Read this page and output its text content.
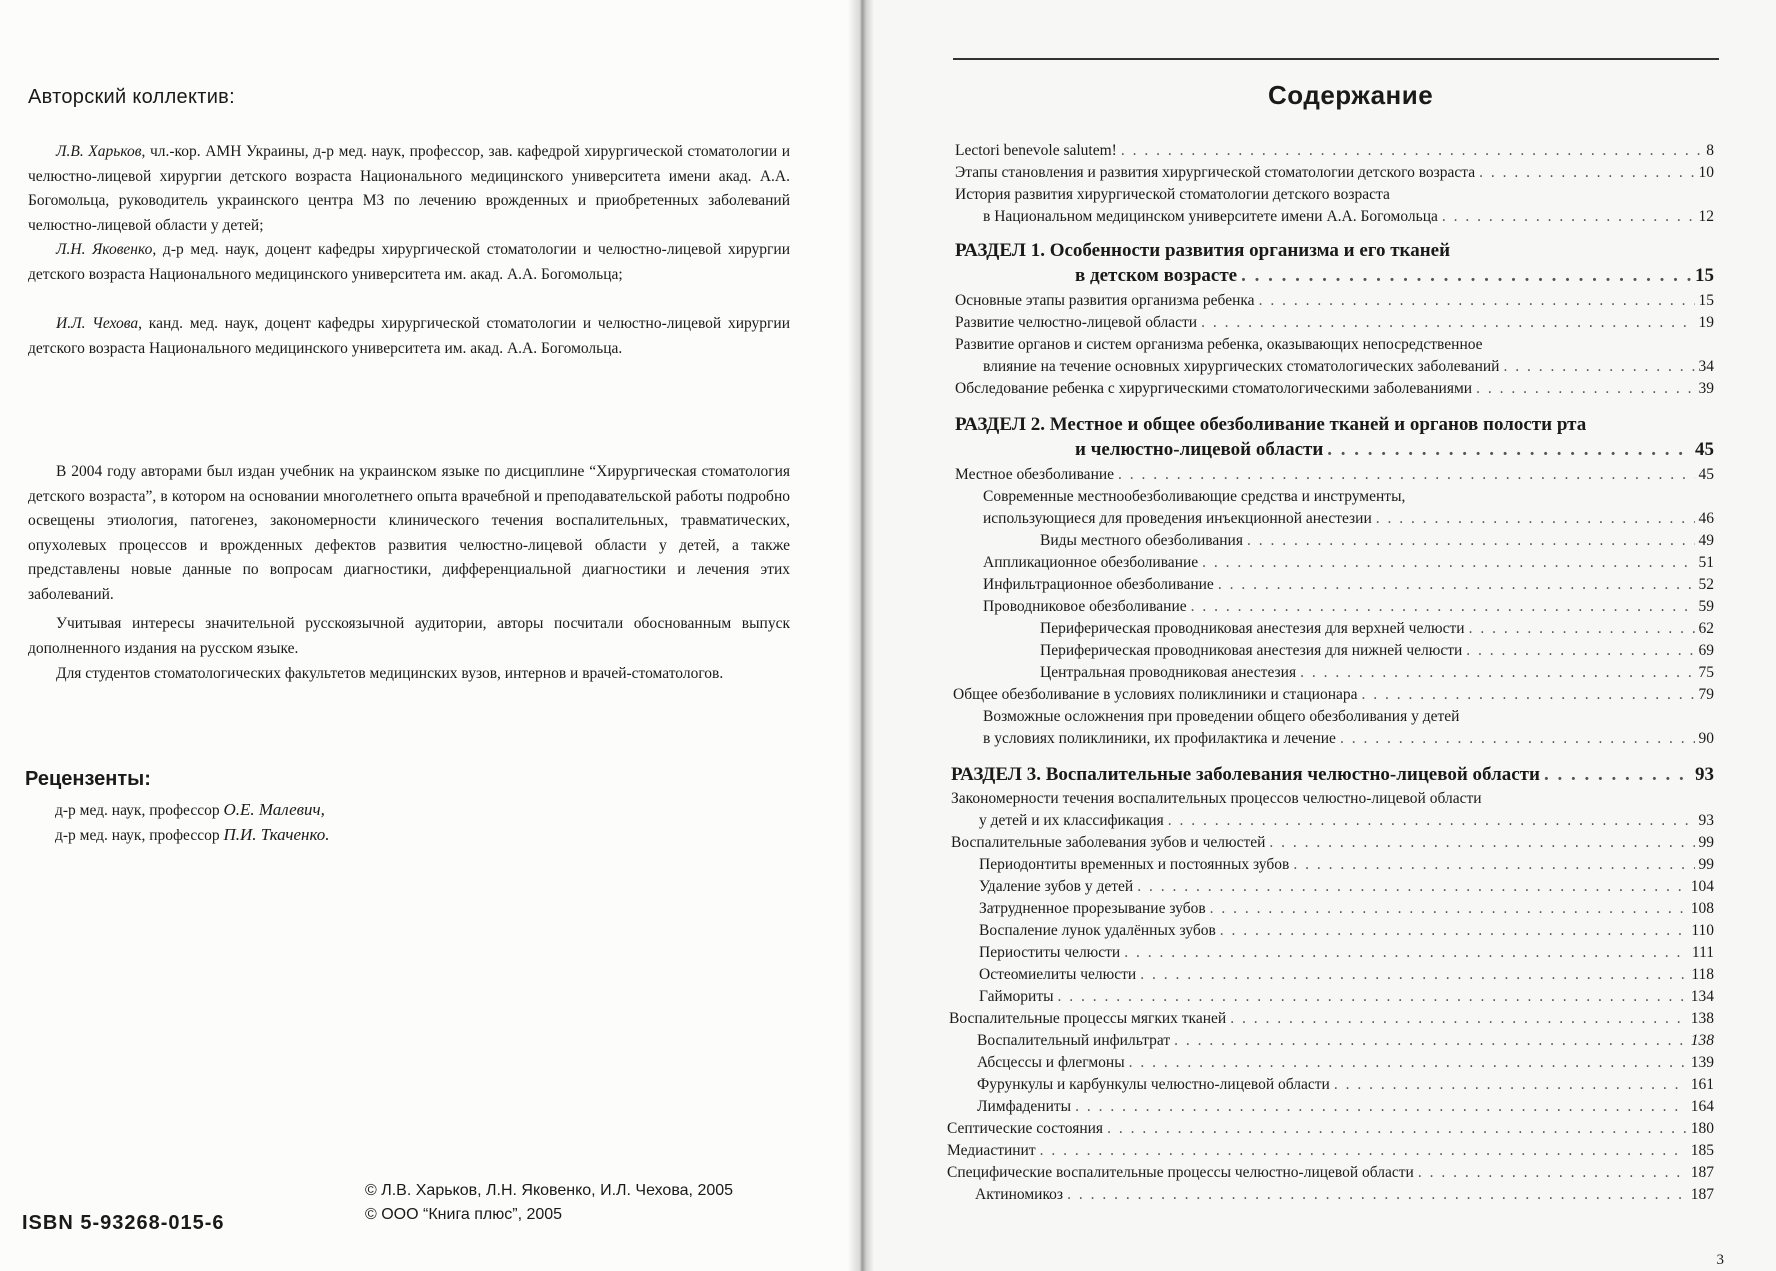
Авторский коллектив:

Л.В. Харьков, чл.-кор. АМН Украины, д-р мед. наук, профессор, зав. кафедрой хирургической стоматологии и челюстно-лицевой хирургии детского возраста Национального медицинского университета имени акад. А.А. Богомольца, руководитель украинского центра МЗ по лечению врожденных и приобретенных заболеваний челюстно-лицевой области у детей;

Л.Н. Яковенко, д-р мед. наук, доцент кафедры хирургической стоматологии и челюстно-лицевой хирургии детского возраста Национального медицинского университета им. акад. А.А. Богомольца;

И.Л. Чехова, канд. мед. наук, доцент кафедры хирургической стоматологии и челюстно-лицевой хирургии детского возраста Национального медицинского университета им. акад. А.А. Богомольца.

В 2004 году авторами был издан учебник на украинском языке по дисциплине “Хирургическая стоматология детского возраста”, в котором на основании многолетнего опыта врачебной и преподавательской работы подробно освещены этиология, патогенез, закономерности клинического течения воспалительных, травматических, опухолевых процессов и врожденных дефектов развития челюстно-лицевой области у детей, а также представлены новые данные по вопросам диагностики, дифференциальной диагностики и лечения этих заболеваний.

Учитывая интересы значительной русскоязычной аудитории, авторы посчитали обоснованным выпуск дополненного издания на русском языке.

Для студентов стоматологических факультетов медицинских вузов, интернов и врачей-стоматологов.

Рецензенты:
д-р мед. наук, профессор О.Е. Малевич,
д-р мед. наук, профессор П.И. Ткаченко.
ISBN 5-93268-015-6
© Л.В. Харьков, Л.Н. Яковенко, И.Л. Чехова, 2005
© ООО “Книга плюс”, 2005
Содержание
Lectori benevole salutem! . . .	8
Этапы становления и развития хирургической стоматологии детского возраста . . .	10
История развития хирургической стоматологии детского возраста
в Национальном медицинском университете имени А.А. Богомольца . . .	12
РАЗДЕЛ 1. Особенности развития организма и его тканей
в детском возрасте . . .	15
Основные этапы развития организма ребенка . . .	15
Развитие челюстно-лицевой области . . .	19
Развитие органов и систем организма ребенка, оказывающих непосредственное
влияние на течение основных хирургических стоматологических заболеваний . . .	34
Обследование ребенка с хирургическими стоматологическими заболеваниями . . .	39
РАЗДЕЛ 2. Местное и общее обезболивание тканей и органов полости рта
и челюстно-лицевой области . . .	45
Местное обезболивание . . .	45
Современные местнообезболивающие средства и инструменты,
использующиеся для проведения инъекционной анестезии . . .	46
Виды местного обезболивания . . .	49
Аппликационное обезболивание . . .	51
Инфильтрационное обезболивание . . .	52
Проводниковое обезболивание . . .	59
Периферическая проводниковая анестезия для верхней челюсти . . .	62
Периферическая проводниковая анестезия для нижней челюсти . . .	69
Центральная проводниковая анестезия . . .	75
Общее обезболивание в условиях поликлиники и стационара . . .	79
Возможные осложнения при проведении общего обезболивания у детей
в условиях поликлиники, их профилактика и лечение . . .	90
РАЗДЕЛ 3. Воспалительные заболевания челюстно-лицевой области . . .	93
Закономерности течения воспалительных процессов челюстно-лицевой области
у детей и их классификация . . .	93
Воспалительные заболевания зубов и челюстей . . .	99
Периодонтиты временных и постоянных зубов . . .	99
Удаление зубов у детей . . .	104
Затрудненное прорезывание зубов . . .	108
Воспаление лунок удалённых зубов . . .	110
Периоститы челюсти . . .	111
Остеомиелиты челюсти . . .	118
Гаймориты . . .	134
Воспалительные процессы мягких тканей . . .	138
Воспалительный инфильтрат . . .	138
Абсцессы и флегмоны . . .	139
Фурункулы и карбункулы челюстно-лицевой области . . .	161
Лимфадениты . . .	164
Септические состояния . . .	180
Медиастинит . . .	185
Специфические воспалительные процессы челюстно-лицевой области . . .	187
Актиномикоз . . .	187
3
